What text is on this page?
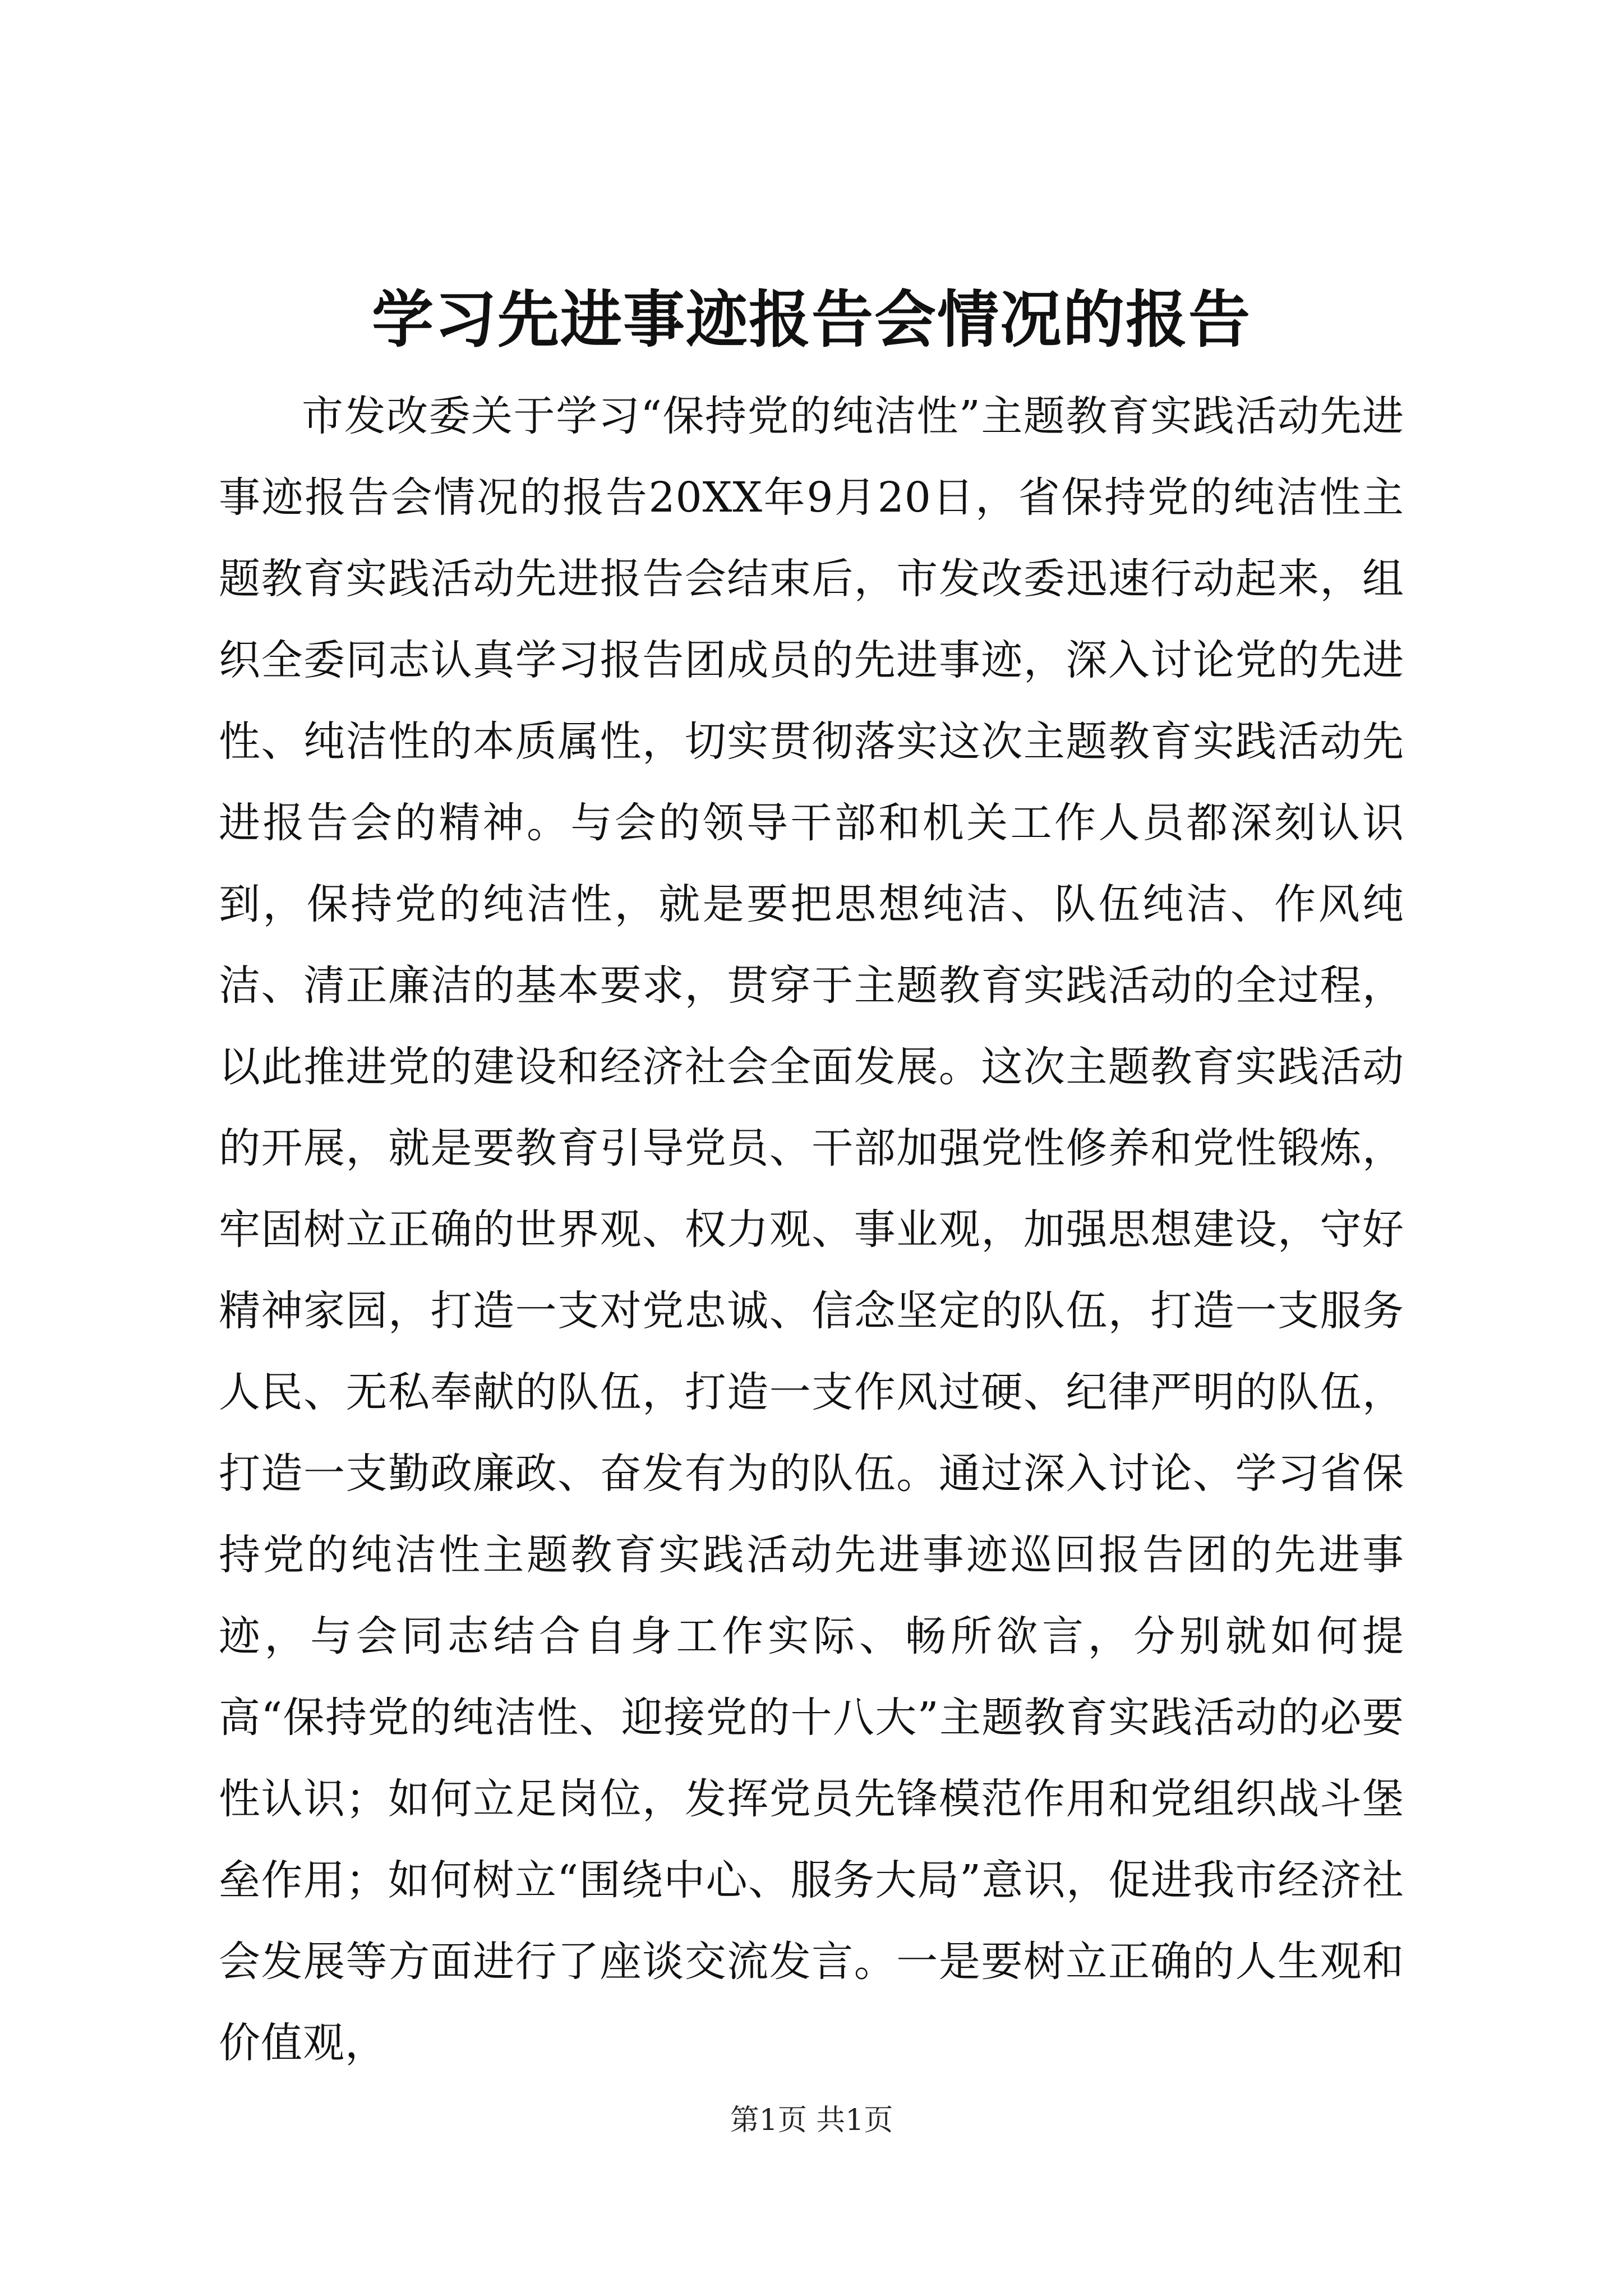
学习先进事迹报告会情况的报告
市发改委关于学习“保持党的纯洁性”主题教育实践活动先进事迹报告会情况的报告20XX年9月20日，省保持党的纯洁性主题教育实践活动先进报告会结束后，市发改委迅速行动起来，组织全委同志认真学习报告团成员的先进事迹，深入讨论党的先进性、纯洁性的本质属性，切实贯彻落实这次主题教育实践活动先进报告会的精神。与会的领导干部和机关工作人员都深刻认识到，保持党的纯洁性，就是要把思想纯洁、队伍纯洁、作风纯洁、清正廉洁的基本要求，贯穿于主题教育实践活动的全过程，以此推进党的建设和经济社会全面发展。这次主题教育实践活动的开展，就是要教育引导党员、干部加强党性修养和党性锻炼，牢固树立正确的世界观、权力观、事业观，加强思想建设，守好精神家园，打造一支对党忠诚、信念坚定的队伍，打造一支服务人民、无私奉献的队伍，打造一支作风过硬、纪律严明的队伍，打造一支勤政廉政、奋发有为的队伍。通过深入讨论、学习省保持党的纯洁性主题教育实践活动先进事迹巡回报告团的先进事迹，与会同志结合自身工作实际、畅所欲言，分别就如何提高“保持党的纯洁性、迎接党的十八大”主题教育实践活动的必要性认识；如何立足岗位，发挥党员先锋模范作用和党组织战斗堡垒作用；如何树立“围绕中心、服务大局”意识，促进我市经济社会发展等方面进行了座谈交流发言。一是要树立正确的人生观和价值观，
第1页 共1页
